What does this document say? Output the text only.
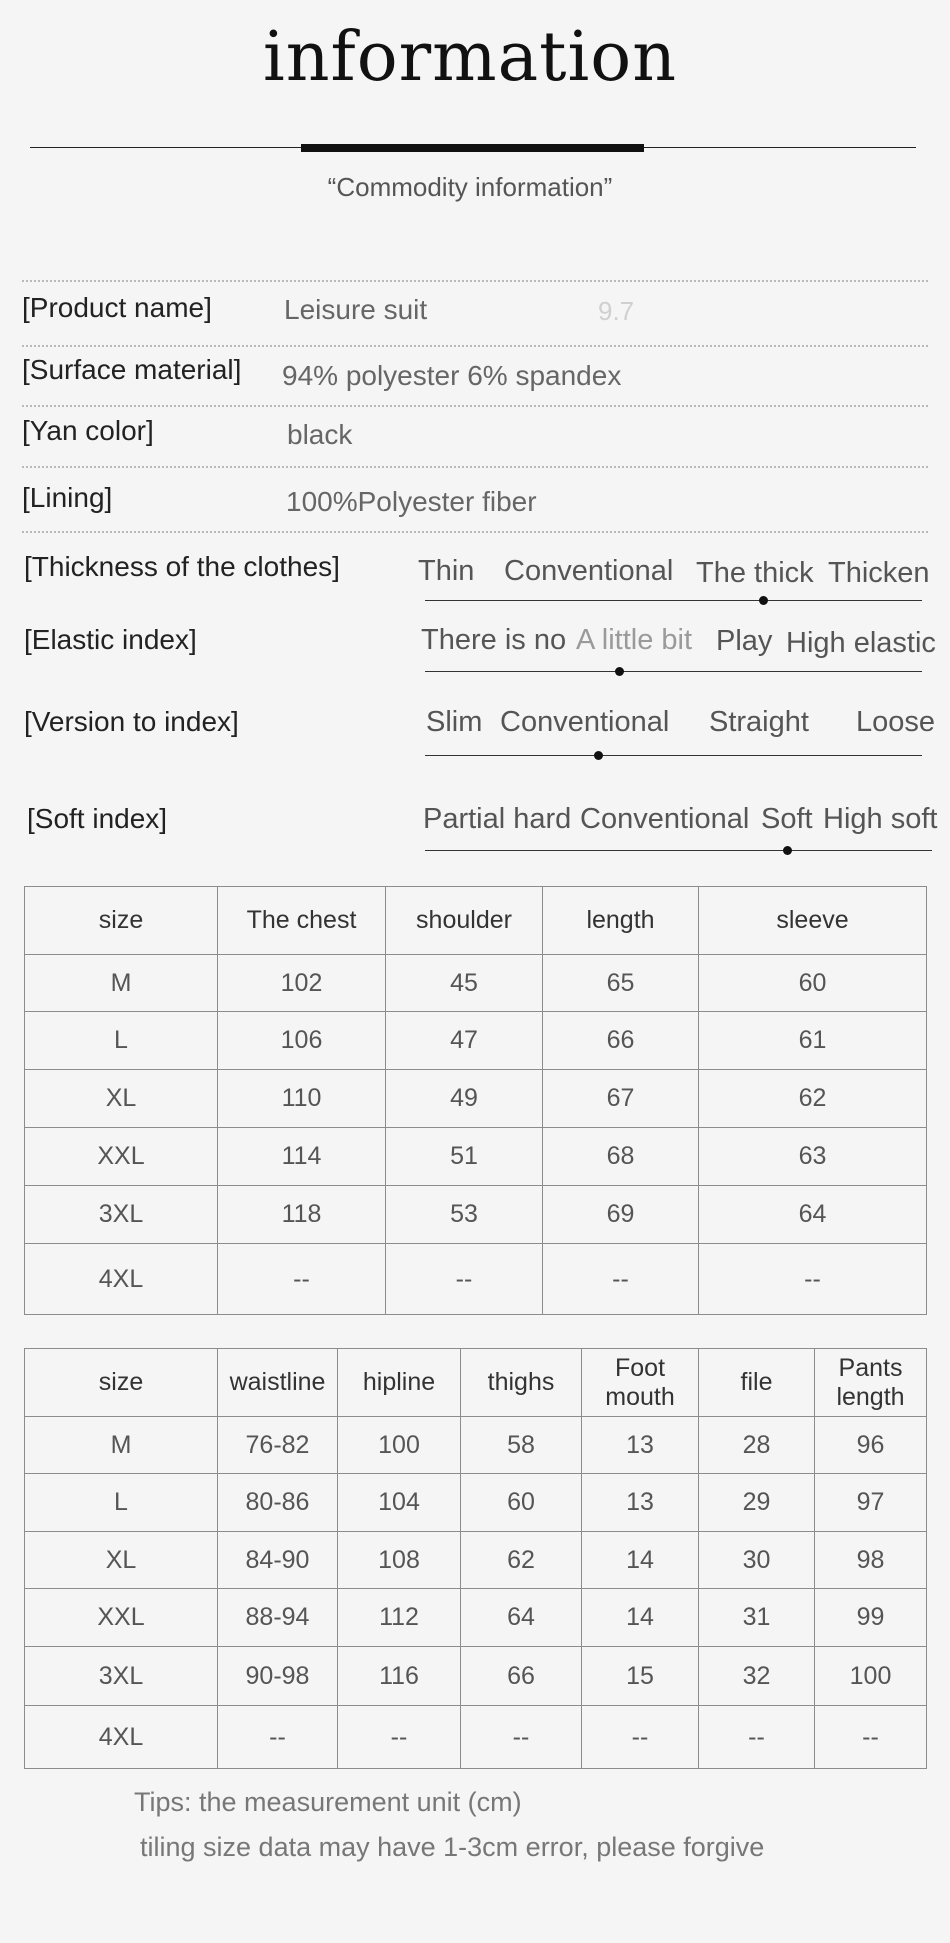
information
“Commodity information”
[Product name]	Leisure suit	9.7
[Surface material] 94% polyester 6% spandex
[Yan color]	black
[Lining]	100%Polyester fiber
[Thickness of the clothes]	Thin Conventional The thick Thicken
[Elastic index]	There is no A little bit Play High elastic
[Version to index]	Slim Conventional Straight Loose
[Soft index]	Partial hard Conventional Soft High soft
size	The chest	shoulder	length	sleeve
M	102	45	65	60
L	106	47	66	61
XL	110	49	67	62
XXL	114	51	68	63
3XL	118	53	69	64
4XL	--	--	--	--
size	waistline	hipline	thighs	Foot mouth	file	Pants length
M	76-82	100	58	13	28	96
L	80-86	104	60	13	29	97
XL	84-90	108	62	14	30	98
XXL	88-94	112	64	14	31	99
3XL	90-98	116	66	15	32	100
4XL	--	--	--	--	--	--
Tips: the measurement unit (cm)
tiling size data may have 1-3cm error, please forgive
